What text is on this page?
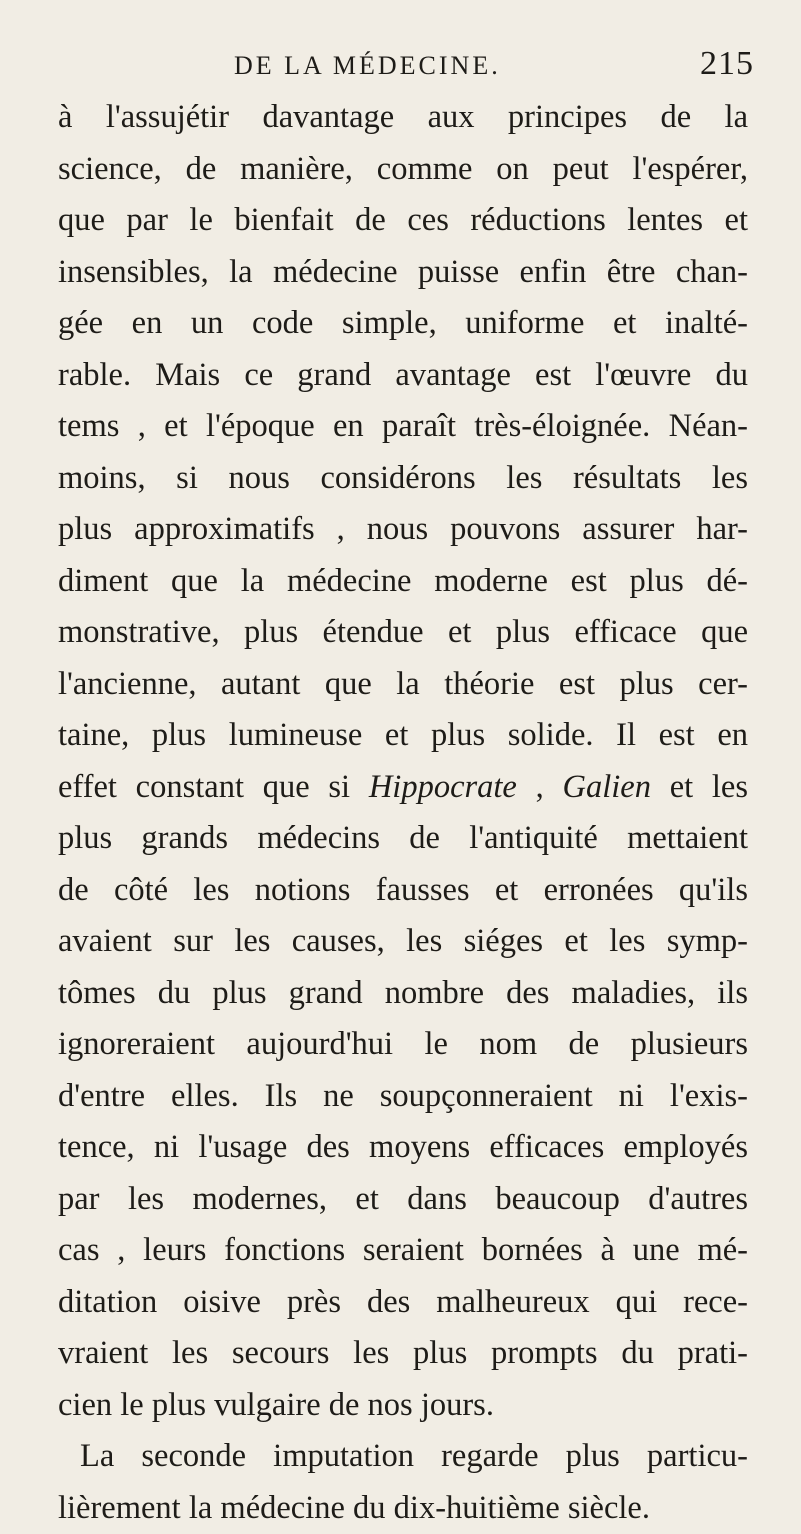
DE LA MÉDECINE.	215
à l'assujétir davantage aux principes de la
science, de manière, comme on peut l'espérer,
que par le bienfait de ces réductions lentes et
insensibles, la médecine puisse enfin être chan-
gée en un code simple, uniforme et inalté-
rable. Mais ce grand avantage est l'œuvre du
tems , et l'époque en paraît très-éloignée. Néan-
moins, si nous considérons les résultats les
plus approximatifs , nous pouvons assurer har-
diment que la médecine moderne est plus dé-
monstrative, plus étendue et plus efficace que
l'ancienne, autant que la théorie est plus cer-
taine, plus lumineuse et plus solide. Il est en
effet constant que si Hippocrate , Galien et les
plus grands médecins de l'antiquité mettaient
de côté les notions fausses et erronées qu'ils
avaient sur les causes, les siéges et les symp-
tômes du plus grand nombre des maladies, ils
ignoreraient aujourd'hui le nom de plusieurs
d'entre elles. Ils ne soupçonneraient ni l'exis-
tence, ni l'usage des moyens efficaces employés
par les modernes, et dans beaucoup d'autres
cas , leurs fonctions seraient bornées à une mé-
ditation oisive près des malheureux qui rece-
vraient les secours les plus prompts du prati-
cien le plus vulgaire de nos jours.
La seconde imputation regarde plus particu-
lièrement la médecine du dix-huitième siècle.
